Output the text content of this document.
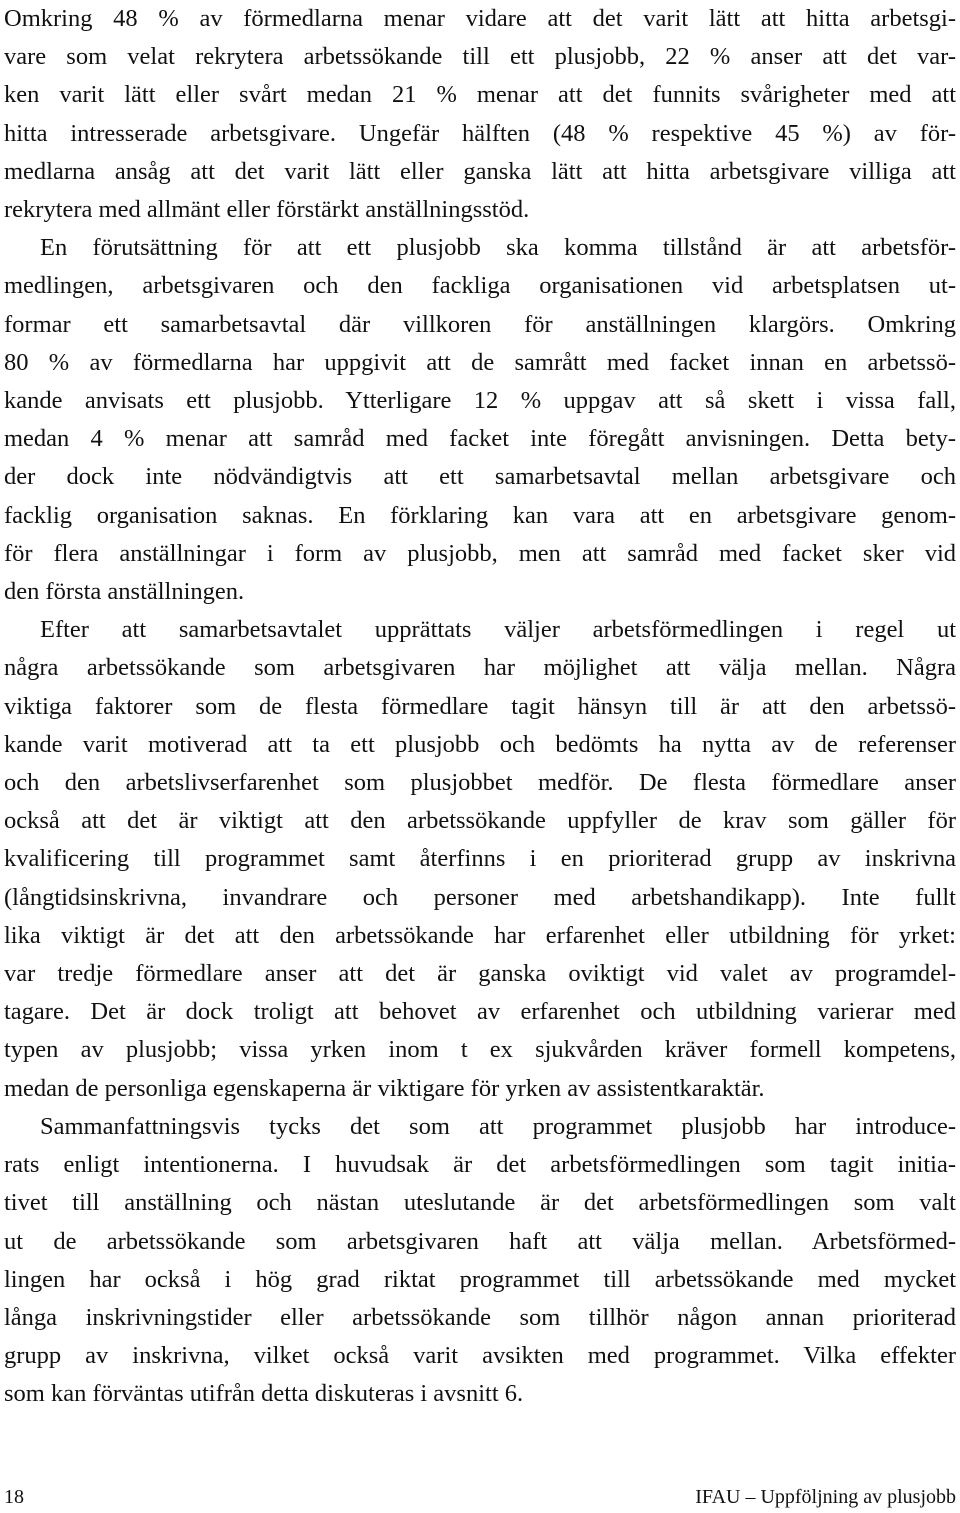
Omkring 48 % av förmedlarna menar vidare att det varit lätt att hitta arbetsgi-
vare som velat rekrytera arbetssökande till ett plusjobb, 22 % anser att det var-
ken varit lätt eller svårt medan 21 % menar att det funnits svårigheter med att
hitta intresserade arbetsgivare. Ungefär hälften (48 % respektive 45 %) av för-
medlarna ansåg att det varit lätt eller ganska lätt att hitta arbetsgivare villiga att
rekrytera med allmänt eller förstärkt anställningsstöd.
En förutsättning för att ett plusjobb ska komma tillstånd är att arbetsför-
medlingen, arbetsgivaren och den fackliga organisationen vid arbetsplatsen ut-
formar ett samarbetsavtal där villkoren för anställningen klargörs. Omkring
80 % av förmedlarna har uppgivit att de samrått med facket innan en arbetssö-
kande anvisats ett plusjobb. Ytterligare 12 % uppgav att så skett i vissa fall,
medan 4 % menar att samråd med facket inte föregått anvisningen. Detta bety-
der dock inte nödvändigtvis att ett samarbetsavtal mellan arbetsgivare och
facklig organisation saknas. En förklaring kan vara att en arbetsgivare genom-
för flera anställningar i form av plusjobb, men att samråd med facket sker vid
den första anställningen.
Efter att samarbetsavtalet upprättats väljer arbetsförmedlingen i regel ut
några arbetssökande som arbetsgivaren har möjlighet att välja mellan. Några
viktiga faktorer som de flesta förmedlare tagit hänsyn till är att den arbetssö-
kande varit motiverad att ta ett plusjobb och bedömts ha nytta av de referenser
och den arbetslivserfarenhet som plusjobbet medför. De flesta förmedlare anser
också att det är viktigt att den arbetssökande uppfyller de krav som gäller för
kvalificering till programmet samt återfinns i en prioriterad grupp av inskrivna
(långtidsinskrivna, invandrare och personer med arbetshandikapp). Inte fullt
lika viktigt är det att den arbetssökande har erfarenhet eller utbildning för yrket:
var tredje förmedlare anser att det är ganska oviktigt vid valet av programdel-
tagare. Det är dock troligt att behovet av erfarenhet och utbildning varierar med
typen av plusjobb; vissa yrken inom t ex sjukvården kräver formell kompetens,
medan de personliga egenskaperna är viktigare för yrken av assistentkaraktär.
Sammanfattningsvis tycks det som att programmet plusjobb har introduce-
rats enligt intentionerna. I huvudsak är det arbetsförmedlingen som tagit initia-
tivet till anställning och nästan uteslutande är det arbetsförmedlingen som valt
ut de arbetssökande som arbetsgivaren haft att välja mellan. Arbetsförmed-
lingen har också i hög grad riktat programmet till arbetssökande med mycket
långa inskrivningstider eller arbetssökande som tillhör någon annan prioriterad
grupp av inskrivna, vilket också varit avsikten med programmet. Vilka effekter
som kan förväntas utifrån detta diskuteras i avsnitt 6.
18	IFAU – Uppföljning av plusjobb
